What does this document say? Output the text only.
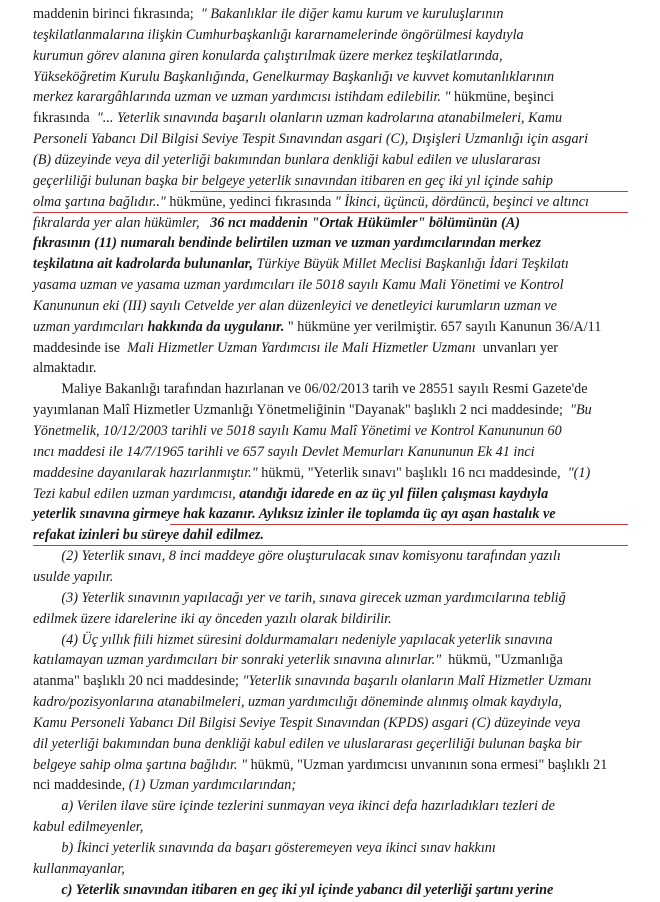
maddenin birinci fıkrasında;  " Bakanlıklar ile diğer kamu kurum ve kuruluşlarının
teşkilatlanmalarına ilişkin Cumhurbaşkanlığı kararnamelerinde öngörülmesi kaydıyla
kurumun görev alanına giren konularda çalıştırılmak üzere merkez teşkilatlarında,
Yükseköğretim Kurulu Başkanlığında, Genelkurmay Başkanlığı ve kuvvet komutanlıklarının
merkez karargâhlarında uzman ve uzman yardımcısı istihdam edilebilir. " hükmüne, beşinci
fıkrasında  "... Yeterlik sınavında başarılı olanların uzman kadrolarına atanabilmeleri, Kamu
Personeli Yabancı Dil Bilgisi Seviye Tespit Sınavından asgari (C), Dışişleri Uzmanlığı için asgari
(B) düzeyinde veya dil yeterliği bakımından bunlara denkliği kabul edilen ve uluslararası
geçerliliği bulunan başka bir belgeye yeterlik sınavından itibaren en geç iki yıl içinde sahip
olma şartına bağlıdır.." hükmüne, yedinci fıkrasında " İkinci, üçüncü, dördüncü, beşinci ve altıncı
fıkralarda yer alan hükümler,   36 ncı maddenin "Ortak Hükümler" bölümünün (A)
fıkrasının (11) numaralı bendinde belirtilen uzman ve uzman yardımcılarından merkez
teşkilatına ait kadrolarda bulunanlar, Türkiye Büyük Millet Meclisi Başkanlığı İdari Teşkilatı
yasama uzman ve yasama uzman yardımcıları ile 5018 sayılı Kamu Mali Yönetimi ve Kontrol
Kanununun eki (III) sayılı Cetvelde yer alan düzenleyici ve denetleyici kurumların uzman ve
uzman yardımcıları hakkında da uygulanır. " hükmüne yer verilmiştir. 657 sayılı Kanunun 36/A/11
maddesinde ise  Mali Hizmetler Uzman Yardımcısı ile Mali Hizmetler Uzmanı  unvanları yer
almaktadır.
Maliye Bakanlığı tarafından hazırlanan ve 06/02/2013 tarih ve 28551 sayılı Resmi Gazete'de
yayımlanan Malî Hizmetler Uzmanlığı Yönetmeliğinin "Dayanak" başlıklı 2 nci maddesinde;  "Bu
Yönetmelik, 10/12/2003 tarihli ve 5018 sayılı Kamu Malî Yönetimi ve Kontrol Kanununun 60
ıncı maddesi ile 14/7/1965 tarihli ve 657 sayılı Devlet Memurları Kanununun Ek 41 inci
maddesine dayanılarak hazırlanmıştır." hükmü, "Yeterlik sınavı" başlıklı 16 ncı maddesinde,  "(1)
Tezi kabul edilen uzman yardımcısı, atandığı idarede en az üç yıl fiilen çalışması kaydıyla
yeterlik sınavına girmeye hak kazanır. Aylıksız izinler ile toplamda üç ayı aşan hastalık ve
refakat izinleri bu süreye dahil edilmez.
(2) Yeterlik sınavı, 8 inci maddeye göre oluşturulacak sınav komisyonu tarafından yazılı
usulde yapılır.
(3) Yeterlik sınavının yapılacağı yer ve tarih, sınava girecek uzman yardımcılarına tebliğ
edilmek üzere idarelerine iki ay önceden yazılı olarak bildirilir.
(4) Üç yıllık fiili hizmet süresini doldurmamaları nedeniyle yapılacak yeterlik sınavına
katılamayan uzman yardımcıları bir sonraki yeterlik sınavına alınırlar."  hükmü, "Uzmanlığa
atanma" başlıklı 20 nci maddesinde; "Yeterlik sınavında başarılı olanların Malî Hizmetler Uzmanı
kadro/pozisyonlarına atanabilmeleri, uzman yardımcılığı döneminde alınmış olmak kaydıyla,
Kamu Personeli Yabancı Dil Bilgisi Seviye Tespit Sınavından (KPDS) asgari (C) düzeyinde veya
dil yeterliği bakımından buna denkliği kabul edilen ve uluslararası geçerliliği bulunan başka bir
belgeye sahip olma şartına bağlıdır. " hükmü, "Uzman yardımcısı unvanının sona ermesi" başlıklı 21
nci maddesinde, (1) Uzman yardımcılarından;
a) Verilen ilave süre içinde tezlerini sunmayan veya ikinci defa hazırladıkları tezleri de
kabul edilmeyenler,
b) İkinci yeterlik sınavında da başarı gösteremeyen veya ikinci sınav hakkını
kullanmayanlar,
c) Yeterlik sınavından itibaren en geç iki yıl içinde yabancı dil yeterliği şartını yerine
